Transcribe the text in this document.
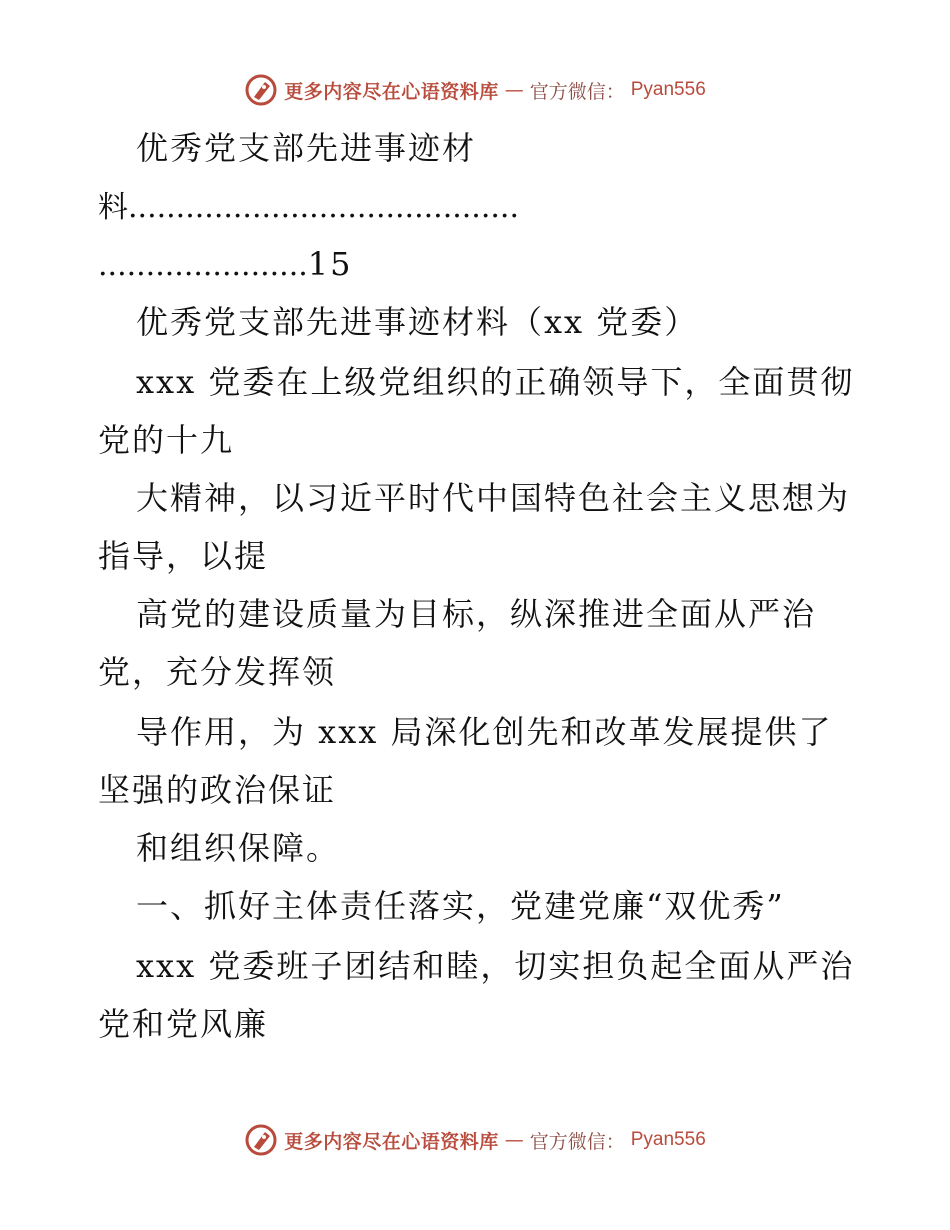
更多内容尽在心语资料库 — 官方微信： Pyan556
优秀党支部先进事迹材
料.........................................
......................15
优秀党支部先进事迹材料（xx 党委）
xxx 党委在上级党组织的正确领导下，全面贯彻
党的十九
大精神，以习近平时代中国特色社会主义思想为
指导，以提
高党的建设质量为目标，纵深推进全面从严治
党，充分发挥领
导作用，为 xxx 局深化创先和改革发展提供了
坚强的政治保证
和组织保障。
一、抓好主体责任落实，党建党廉“双优秀”
xxx 党委班子团结和睦，切实担负起全面从严治
党和党风廉
更多内容尽在心语资料库 — 官方微信： Pyan556
